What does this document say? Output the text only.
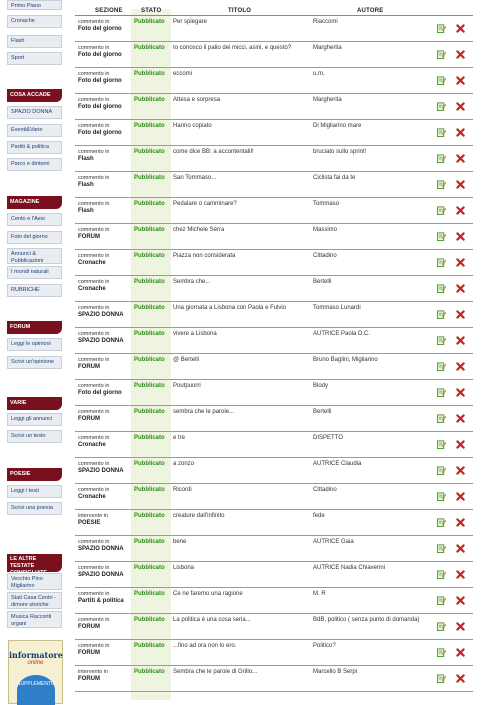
Primo Piano
Cronache
Flash
Sport
COSA ACCADE
SPAZIO DONNA
Eventi&Varie
Partiti & politica
Parco e dintorni
MAGAZINE
Cento e l'Aesi
Foto del giorno
Annunci & Pubblicazioni
I mondi naturali
RUBRICHE
FORUM
Leggi le opinioni
Scrivi un'opinione
VARIE
Leggi gli annunci
Scrivi un testo
POESIE
Leggi i testi
Scrivi una poesia
LE ALTRE TESTATE
Vecchio Pino Migliarino
Stati Casa Centri - dimore storiche
Musica Racconti organi
informatore
online
SUPPLEMENTO
SEZIONE	STATO	TITOLO	AUTORE
commento in
Foto del giorno
Pubblicato Per spiegare	Riaccomi
commento in
Foto del giorno
Pubblicato Io conosco il palio dei micci, asini, e questo?	Margherita
commento in
Foto del giorno
Pubblicato eccomi	u.m.
commento in
Foto del giorno
Pubblicato Attesa e sorpresa	Margherita
commento in
Foto del giorno
Pubblicato Hanno copiato	Di Migliarino mare
commento in
Flash
Pubblicato come dice BB: a accontentaliI!	bruciato sullo sprint!
commento in
Flash
Pubblicato San Tommaso...	Ciclista fai da te
commento in
Flash
Pubblicato Pedalare o camminare?	Tommaso
commento in
FORUM
Pubblicato chez Michele Serra	Massimo
commento in
Cronache
Pubblicato Piazza non considerata	Cittadino
commento in
Cronache
Pubblicato Sembra che...	Bertelli
commento in
SPAZIO DONNA
Pubblicato Una giornata a Lisbona con Paola e Fulvio	Tommaso Lunardi
commento in
SPAZIO DONNA
Pubblicato vivere a Lisbona	AUTRICE Paola D.C.
commento in
FORUM
Pubblicato @ Bertelli	Bruno Baglini, Migliarino
commento in
Foto del giorno
Pubblicato Poutpuorri	Blody
commento in
FORUM
Pubblicato sembra che le parole...	Bertelli
commento in
Cronache
Pubblicato e tre	DISPETTO
commento in
SPAZIO DONNA
Pubblicato a zonzo	AUTRICE Claudia
commento in
Cronache
Pubblicato Ricordi	Cittadino
intervento in
POESIE
Pubblicato creature dall'infinito	fede
commento in
SPAZIO DONNA
Pubblicato bene	AUTRICE Gaia
commento in
SPAZIO DONNA
Pubblicato Lisbona	AUTRICE Nadia Chiaverini
commento in
Partiti & politica
Pubblicato Ce ne faremo una ragione	M. R
commento in
FORUM
Pubblicato La politica è una cosa seria...	BdB, politico ( senza punto di domanda)
commento in
FORUM
Pubblicato ...fino ad ora non lo ero.	Politico?
intervento in
FORUM
Pubblicato Sembra che le parole di Grillo...	Marcello B Serpi
